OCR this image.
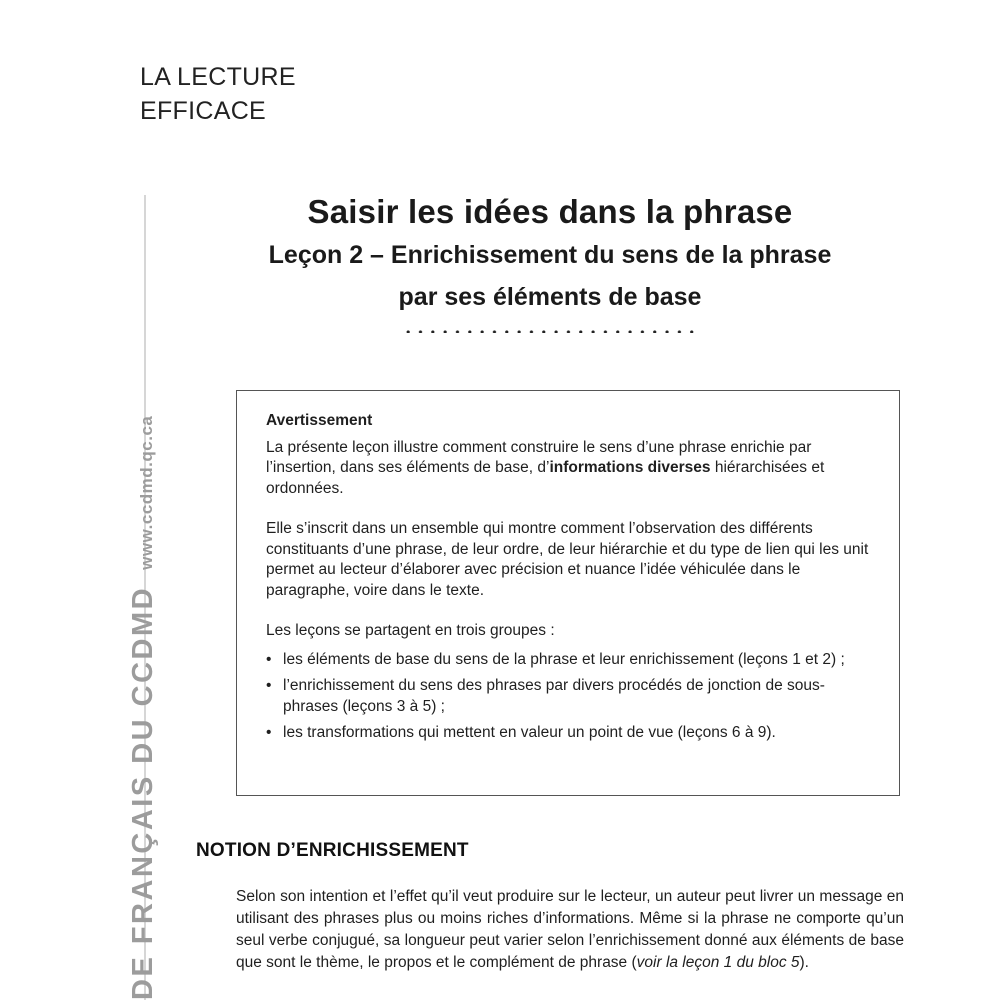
LA LECTURE
EFFICACE
DE FRANÇAIS DU CCDMD
www.ccdmd.qc.ca
Saisir les idées dans la phrase
Leçon 2 – Enrichissement du sens de la phrase
par ses éléments de base
Avertissement

La présente leçon illustre comment construire le sens d’une phrase enrichie par l’insertion, dans ses éléments de base, d’informations diverses hiérarchisées et ordonnées.

Elle s’inscrit dans un ensemble qui montre comment l’observation des différents constituants d’une phrase, de leur ordre, de leur hiérarchie et du type de lien qui les unit permet au lecteur d’élaborer avec précision et nuance l’idée véhiculée dans le paragraphe, voire dans le texte.

Les leçons se partagent en trois groupes :

• les éléments de base du sens de la phrase et leur enrichissement (leçons 1 et 2) ;
• l’enrichissement du sens des phrases par divers procédés de jonction de sous-phrases (leçons 3 à 5) ;
• les transformations qui mettent en valeur un point de vue (leçons 6 à 9).
NOTION D’ENRICHISSEMENT

Selon son intention et l’effet qu’il veut produire sur le lecteur, un auteur peut livrer un message en utilisant des phrases plus ou moins riches d’informations. Même si la phrase ne comporte qu’un seul verbe conjugué, sa longueur peut varier selon l’enrichissement donné aux éléments de base que sont le thème, le propos et le complément de phrase (voir la leçon 1 du bloc 5).
